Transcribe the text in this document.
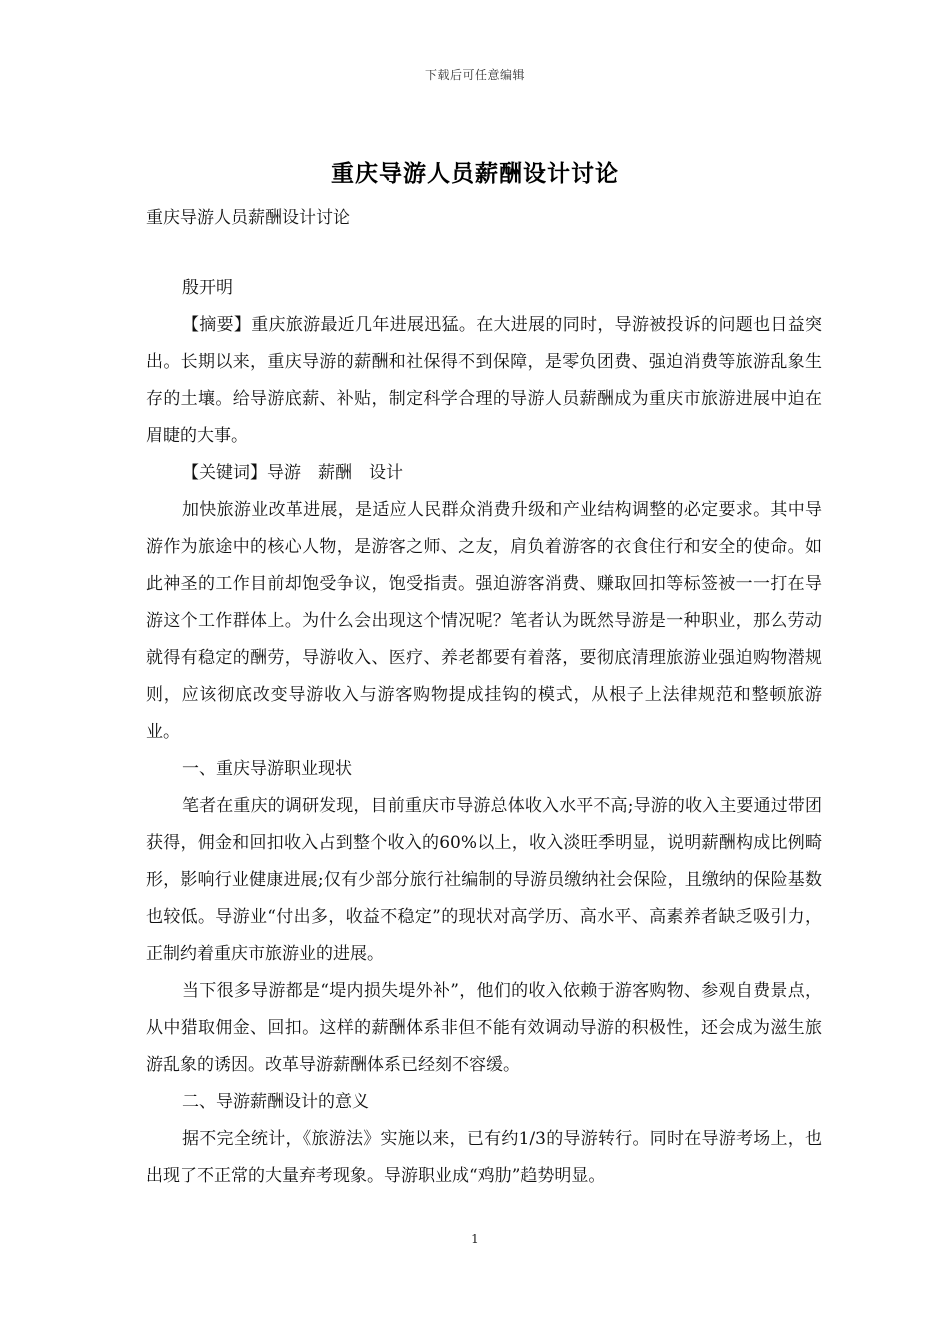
下载后可任意编辑
重庆导游人员薪酬设计讨论
重庆导游人员薪酬设计讨论

殷开明

【摘要】重庆旅游最近几年进展迅猛。在大进展的同时，导游被投诉的问题也日益突出。长期以来，重庆导游的薪酬和社保得不到保障，是零负团费、强迫消费等旅游乱象生存的土壤。给导游底薪、补贴，制定科学合理的导游人员薪酬成为重庆市旅游进展中迫在眉睫的大事。

【关键词】导游　薪酬　设计

加快旅游业改革进展，是适应人民群众消费升级和产业结构调整的必定要求。其中导游作为旅途中的核心人物，是游客之师、之友，肩负着游客的衣食住行和安全的使命。如此神圣的工作目前却饱受争议，饱受指责。强迫游客消费、赚取回扣等标签被一一打在导游这个工作群体上。为什么会出现这个情况呢？笔者认为既然导游是一种职业，那么劳动就得有稳定的酬劳，导游收入、医疗、养老都要有着落，要彻底清理旅游业强迫购物潜规则，应该彻底改变导游收入与游客购物提成挂钩的模式，从根子上法律规范和整顿旅游业。

一、重庆导游职业现状

笔者在重庆的调研发现，目前重庆市导游总体收入水平不高;导游的收入主要通过带团获得，佣金和回扣收入占到整个收入的60%以上，收入淡旺季明显，说明薪酬构成比例畸形，影响行业健康进展;仅有少部分旅行社编制的导游员缴纳社会保险，且缴纳的保险基数也较低。导游业“付出多，收益不稳定”的现状对高学历、高水平、高素养者缺乏吸引力，正制约着重庆市旅游业的进展。

当下很多导游都是“堤内损失堤外补”，他们的收入依赖于游客购物、参观自费景点，从中猎取佣金、回扣。这样的薪酬体系非但不能有效调动导游的积极性，还会成为滋生旅游乱象的诱因。改革导游薪酬体系已经刻不容缓。

二、导游薪酬设计的意义

据不完全统计，《旅游法》实施以来，已有约1/3的导游转行。同时在导游考场上，也出现了不正常的大量弃考现象。导游职业成“鸡肋”趋势明显。

1
